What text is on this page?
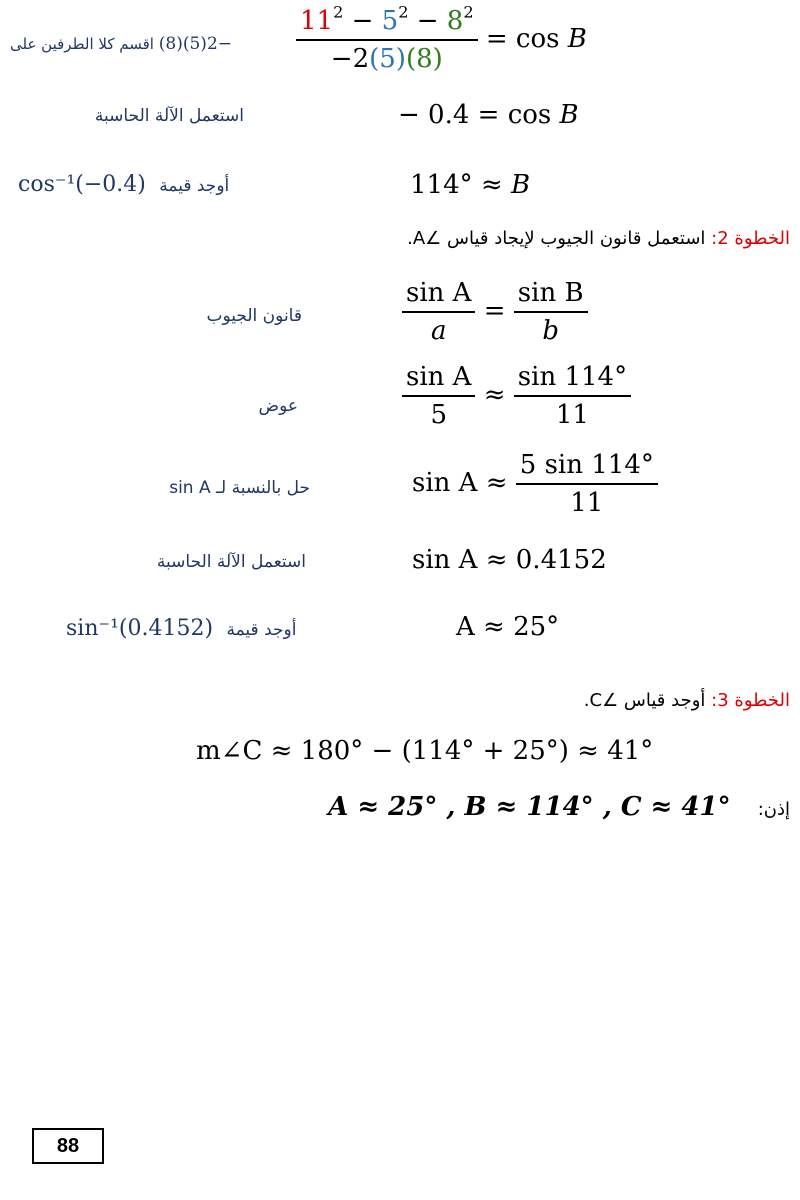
−2(5)(8) اقسم كلا الطرفين على	$\frac{11^2 - 5^2 - 8^2}{-2(5)(8)} = \cos B$
استعمل الآلة الحاسبة	− 0.4 = cos B
cos⁻¹(−0.4) أوجد قيمة	114° ≈ B
الخطوة 2: استعمل قانون الجيوب لإيجاد قياس ∠A.
قانون الجيوب	$\frac{\text{sin A}}{a} = \frac{\text{sin B}}{b}$
عوض	$\frac{\text{sin A}}{5} \approx \frac{\sin 114^\circ}{11}$
حل بالنسبة لـ sin A	$\sin A \approx \frac{5 \sin 114^\circ}{11}$
استعمل الآلة الحاسبة	sin A ≈ 0.4152
sin⁻¹(0.4152) أوجد قيمة	A ≈ 25°
الخطوة 3: أوجد قياس ∠C.
m∠C ≈ 180° − (114° + 25°) ≈ 41°
A ≈ 25° , B ≈ 114° , C ≈ 41° إذن:
88
